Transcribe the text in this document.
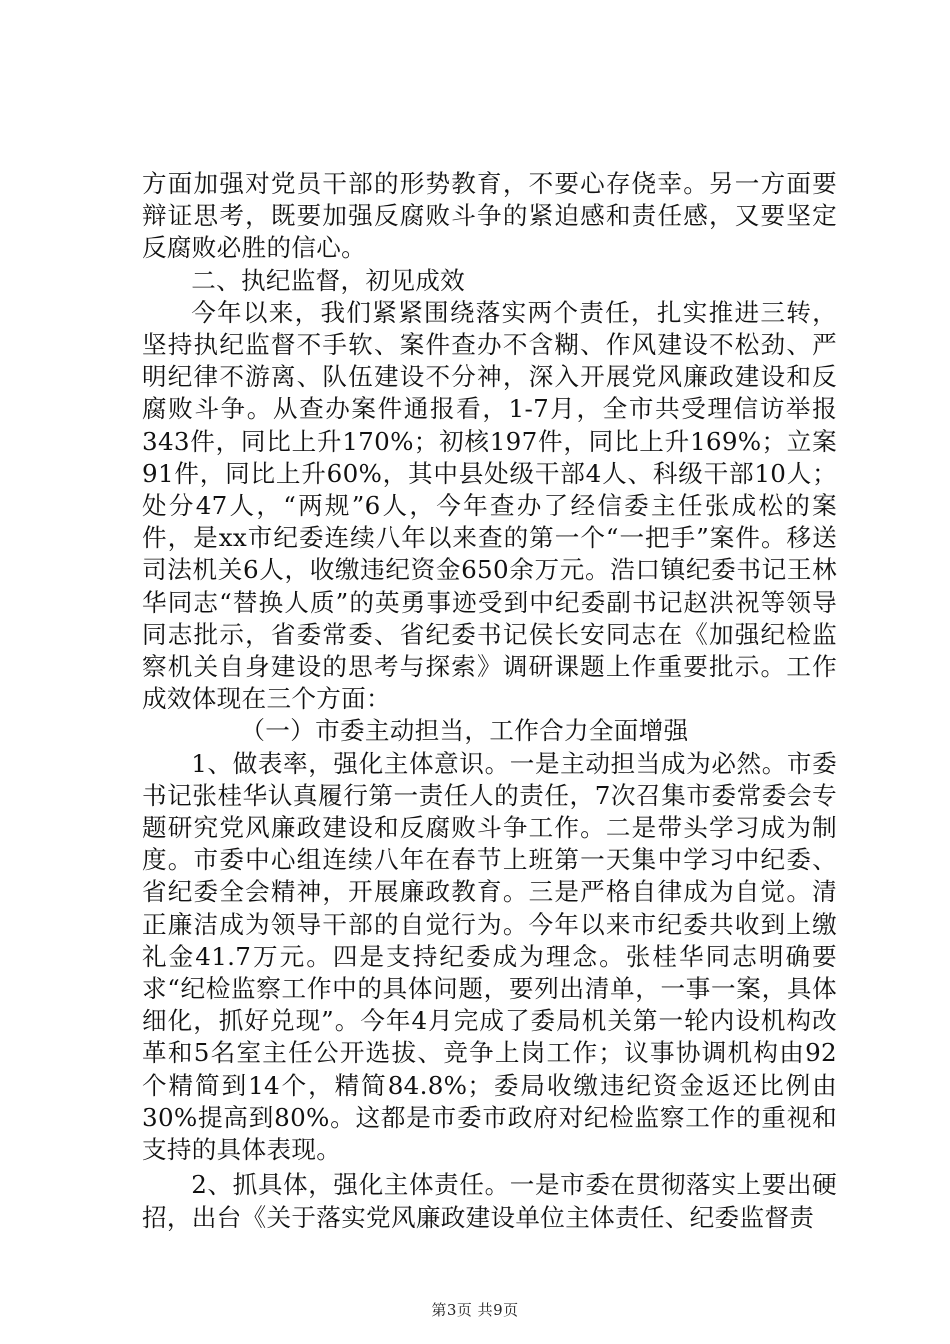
方面加强对党员干部的形势教育，不要心存侥幸。另一方面要辩证思考，既要加强反腐败斗争的紧迫感和责任感，又要坚定反腐败必胜的信心。

二、执纪监督，初见成效

今年以来，我们紧紧围绕落实两个责任，扎实推进三转，坚持执纪监督不手软、案件查办不含糊、作风建设不松劲、严明纪律不游离、队伍建设不分神，深入开展党风廉政建设和反腐败斗争。从查办案件通报看，1-7月，全市共受理信访举报343件，同比上升170%；初核197件，同比上升169%；立案91件，同比上升60%，其中县处级干部4人、科级干部10人；处分47人，“两规”6人，今年查办了经信委主任张成松的案件，是xx市纪委连续八年以来查的第一个“一把手”案件。移送司法机关6人，收缴违纪资金650余万元。浩口镇纪委书记王林华同志“替换人质”的英勇事迹受到中纪委副书记赵洪祝等领导同志批示，省委常委、省纪委书记侯长安同志在《加强纪检监察机关自身建设的思考与探索》调研课题上作重要批示。工作成效体现在三个方面：

（一）市委主动担当，工作合力全面增强

1、做表率，强化主体意识。一是主动担当成为必然。市委书记张桂华认真履行第一责任人的责任，7次召集市委常委会专题研究党风廉政建设和反腐败斗争工作。二是带头学习成为制度。市委中心组连续八年在春节上班第一天集中学习中纪委、省纪委全会精神，开展廉政教育。三是严格自律成为自觉。清正廉洁成为领导干部的自觉行为。今年以来市纪委共收到上缴礼金41.7万元。四是支持纪委成为理念。张桂华同志明确要求“纪检监察工作中的具体问题，要列出清单，一事一案，具体细化，抓好兑现”。今年4月完成了委局机关第一轮内设机构改革和5名室主任公开选拔、竞争上岗工作；议事协调机构由92个精简到14个，精简84.8%；委局收缴违纪资金返还比例由30%提高到80%。这都是市委市政府对纪检监察工作的重视和支持的具体表现。

2、抓具体，强化主体责任。一是市委在贯彻落实上要出硬招，出台《关于落实党风廉政建设单位主体责任、纪委监督责

第3页 共9页
